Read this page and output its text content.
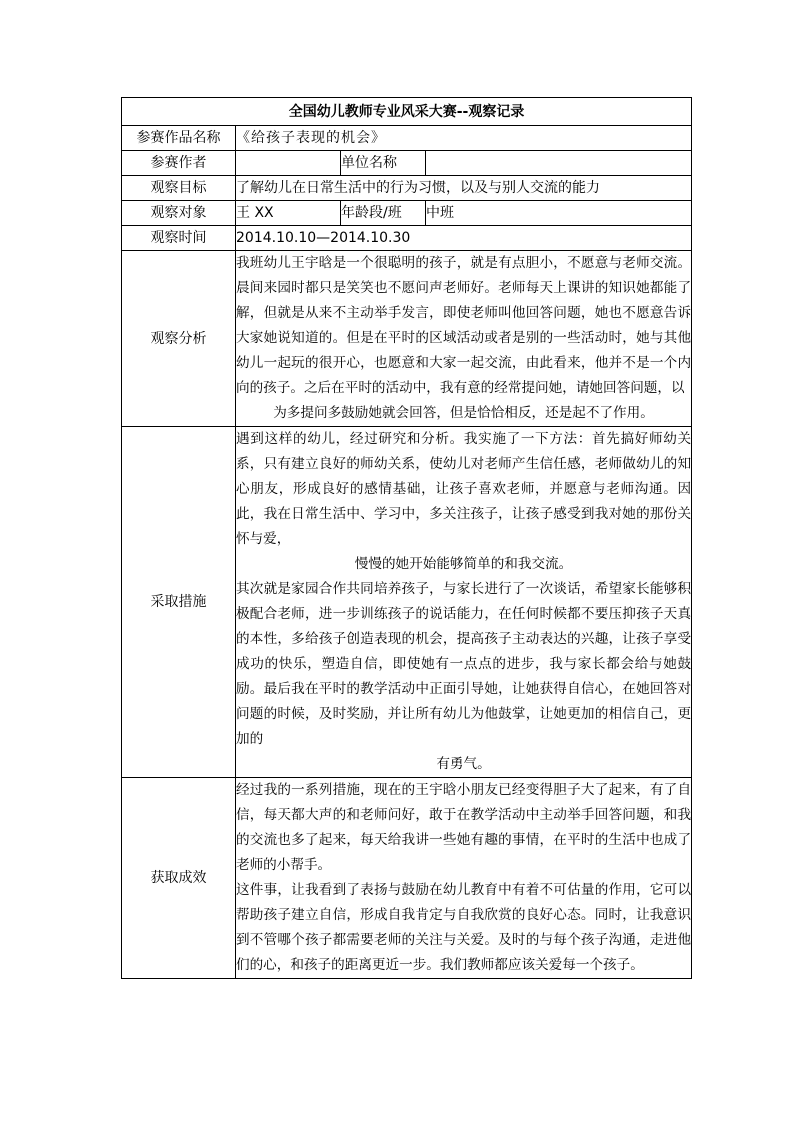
全国幼儿教师专业风采大赛--观察记录			
参赛作品名称	《给孩子表现的机会》		
参赛作者		单位名称	
观察目标	了解幼儿在日常生活中的行为习惯，以及与别人交流的能力		
观察对象	王 XX	年龄段/班	中班
观察时间	2014.10.10—2014.10.30		
观察分析	我班幼儿王宇晗是一个很聪明的孩子，就是有点胆小，不愿意与老师交流。晨间来园时都只是笑笑也不愿问声老师好。老师每天上课讲的知识她都能了解，但就是从来不主动举手发言，即使老师叫他回答问题，她也不愿意告诉大家她说知道的。但是在平时的区域活动或者是别的一些活动时，她与其他幼儿一起玩的很开心，也愿意和大家一起交流，由此看来，他并不是一个内向的孩子。之后在平时的活动中，我有意的经常提问她，请她回答问题，以

为多提问多鼓励她就会回答，但是恰恰相反，还是起不了作用。		

采取措施	遇到这样的幼儿，经过研究和分析。我实施了一下方法：首先搞好师幼关系，只有建立良好的师幼关系，使幼儿对老师产生信任感，老师做幼儿的知心朋友，形成良好的感情基础，让孩子喜欢老师，并愿意与老师沟通。因此，我在日常生活中、学习中，多关注孩子，让孩子感受到我对她的那份关怀与爱，

慢慢的她开始能够简单的和我交流。

其次就是家园合作共同培养孩子，与家长进行了一次谈话，希望家长能够积极配合老师，进一步训练孩子的说话能力，在任何时候都不要压抑孩子天真的本性，多给孩子创造表现的机会，提高孩子主动表达的兴趣，让孩子享受成功的快乐，塑造自信，即使她有一点点的进步，我与家长都会给与她鼓励。最后我在平时的教学活动中正面引导她，让她获得自信心，在她回答对问题的时候，及时奖励，并让所有幼儿为他鼓掌，让她更加的相信自己，更加的

有勇气。		

获取成效	经过我的一系列措施，现在的王宇晗小朋友已经变得胆子大了起来，有了自信，每天都大声的和老师问好，敢于在教学活动中主动举手回答问题，和我的交流也多了起来，每天给我讲一些她有趣的事情，在平时的生活中也成了老师的小帮手。

这件事，让我看到了表扬与鼓励在幼儿教育中有着不可估量的作用，它可以帮助孩子建立自信，形成自我肯定与自我欣赏的良好心态。同时，让我意识到不管哪个孩子都需要老师的关注与关爱。及时的与每个孩子沟通，走进他们的心，和孩子的距离更近一步。我们教师都应该关爱每一个孩子。		
